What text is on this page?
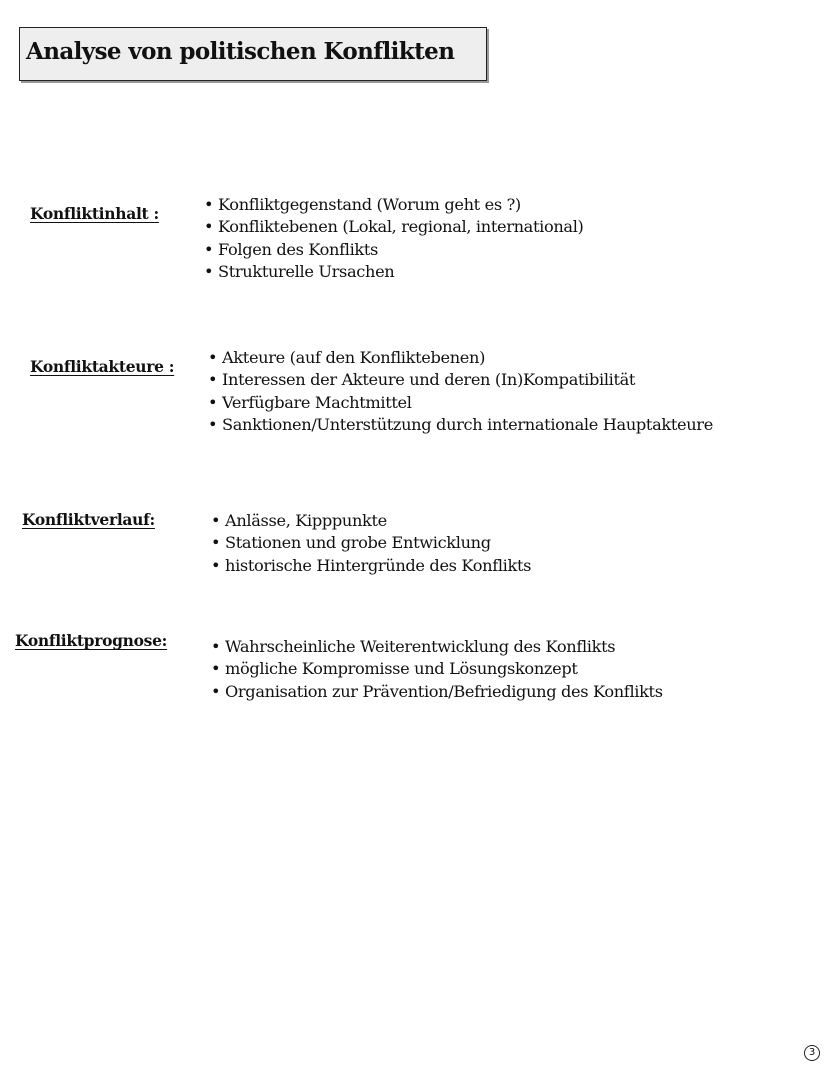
Analyse von politischen Konflikten
Konfliktinhalt :	• Konfliktgegenstand (Worum geht es ?)
• Konfliktebenen (Lokal, regional, international)
• Folgen des Konflikts
• Strukturelle Ursachen
Konfliktakteure :	• Akteure (auf den Konfliktebenen)
• Interessen der Akteure und deren (In)Kompatibilität
• Verfügbare Machtmittel
• Sanktionen/Unterstützung durch internationale Hauptakteure
Konfliktverlauf:	• Anlässe, Kipppunkte
• Stationen und grobe Entwicklung
• historische Hintergründe des Konflikts
Konfliktprognose:	• Wahrscheinliche Weiterentwicklung des Konflikts
• mögliche Kompromisse und Lösungskonzept
• Organisation zur Prävention/Befriedigung des Konflikts
3
